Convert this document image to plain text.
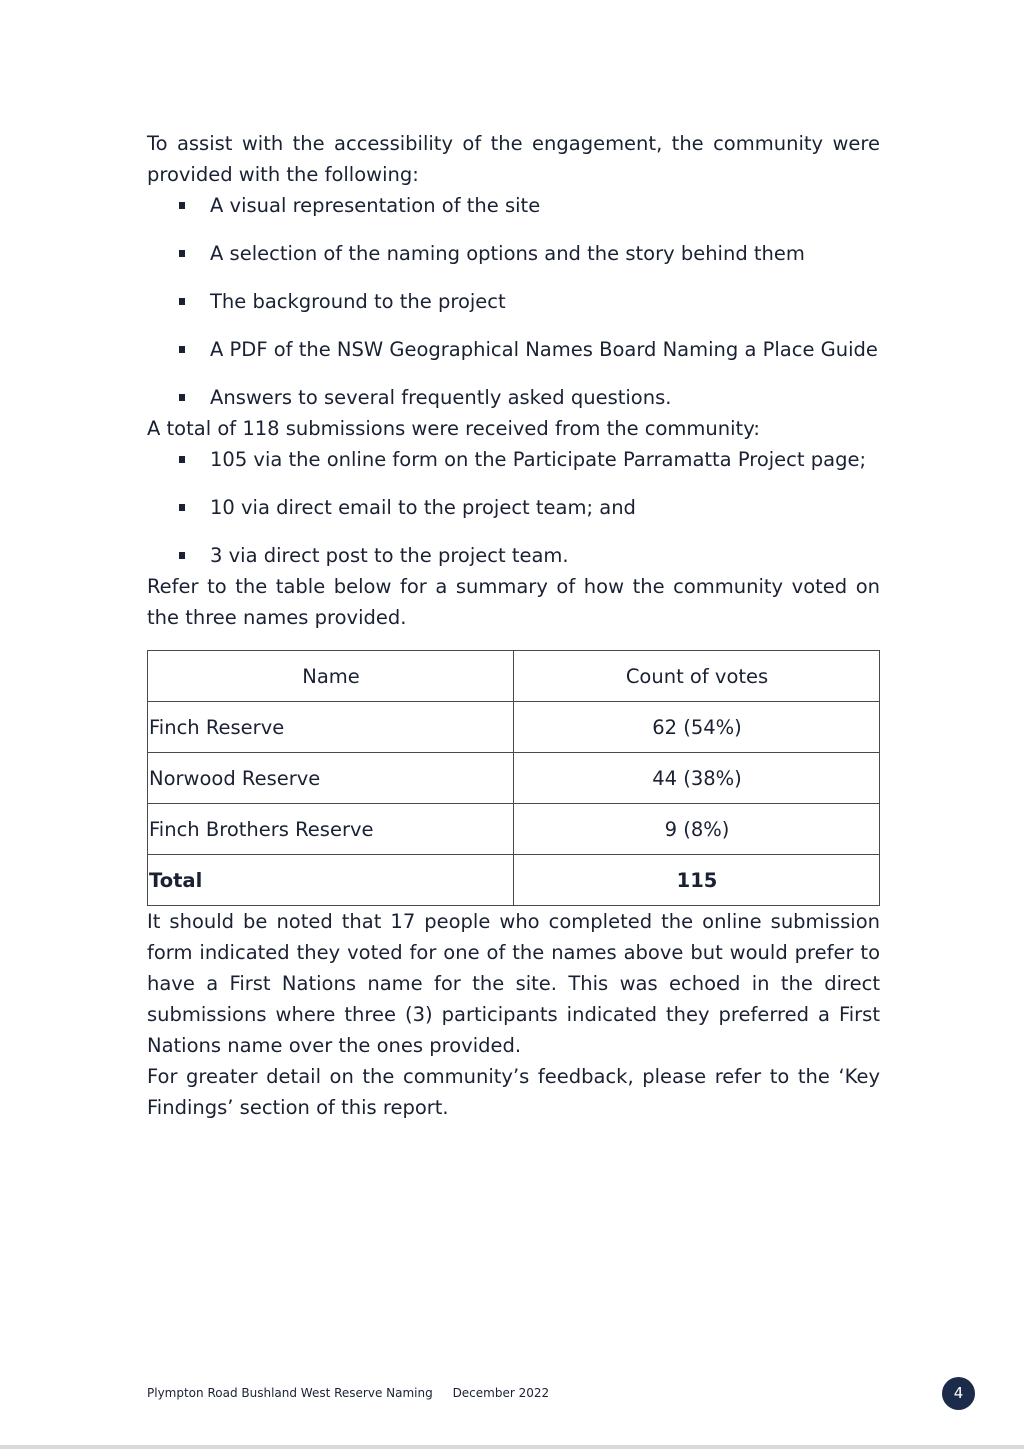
To assist with the accessibility of the engagement, the community were provided with the following:

A visual representation of the site
A selection of the naming options and the story behind them
The background to the project
A PDF of the NSW Geographical Names Board Naming a Place Guide
Answers to several frequently asked questions.

A total of 118 submissions were received from the community:

105 via the online form on the Participate Parramatta Project page;
10 via direct email to the project team; and
3 via direct post to the project team.

Refer to the table below for a summary of how the community voted on the three names provided.

Name	Count of votes
Finch Reserve	62 (54%)
Norwood Reserve	44 (38%)
Finch Brothers Reserve	9 (8%)
Total	115

It should be noted that 17 people who completed the online submission form indicated they voted for one of the names above but would prefer to have a First Nations name for the site. This was echoed in the direct submissions where three (3) participants indicated they preferred a First Nations name over the ones provided.

For greater detail on the community’s feedback, please refer to the ‘Key Findings’ section of this report.

Plympton Road Bushland West Reserve Naming December 2022	4
